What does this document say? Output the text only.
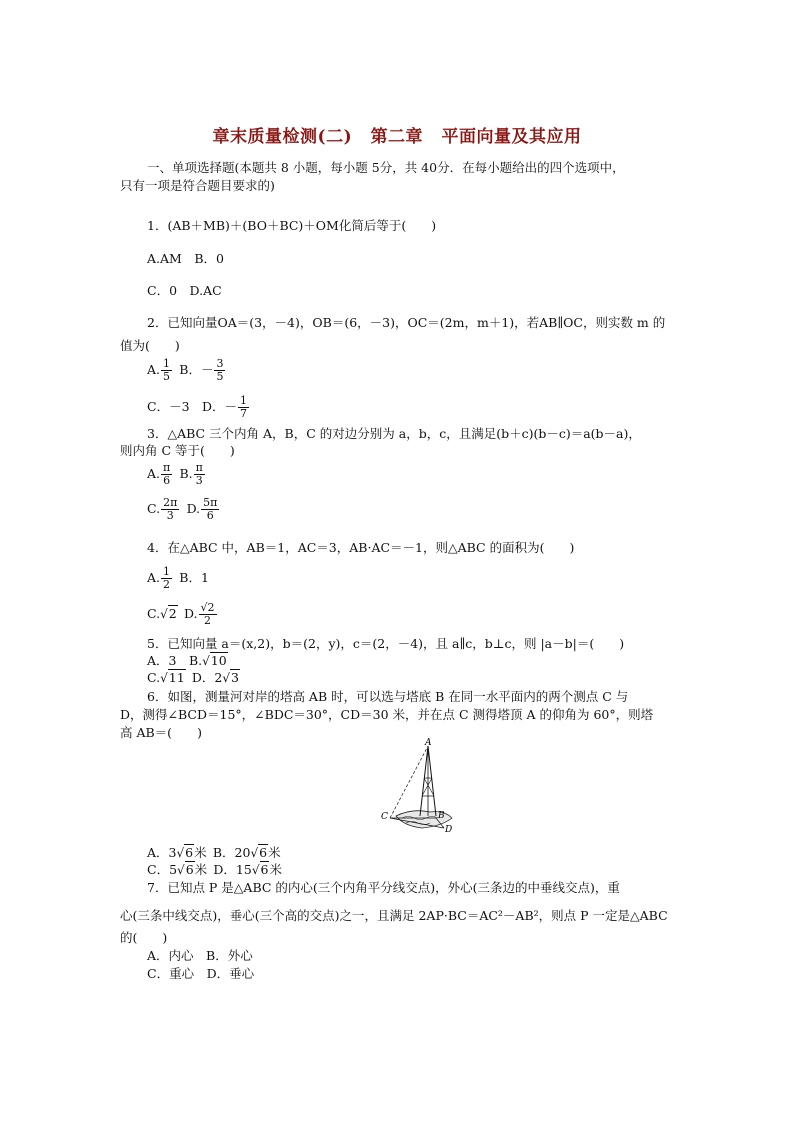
章末质量检测(二) 第二章 平面向量及其应用
一、单项选择题(本题共 8 小题，每小题 5分，共 40分．在每小题给出的四个选项中，
只有一项是符合题目要求的)
1．(AB＋MB)＋(BO＋BC)＋OM化简后等于(　　)
A.AM　B．0
C．0　D.AC
2．已知向量OA＝(3，－4)，OB＝(6，－3)，OC＝(2m，m＋1)，若AB∥OC，则实数 m 的
值为(　　)
A. $\frac{1}{5}$
  B．－ $\frac{3}{5}$
C．－3　D．－ $\frac{1}{7}$
3．△ABC 三个内角 A，B，C 的对边分别为 a，b，c，且满足(b＋c)(b－c)＝a(b－a)，
则内角 C 等于(　　)
A. $\frac{\pi}{6}$
  B. $\frac{\pi}{3}$
C. $\frac{2\pi}{3}$
  D. $\frac{5\pi}{6}$
4．在△ABC 中，AB＝1，AC＝3，AB·AC＝－1，则△ABC 的面积为(　　)
A. $\frac{1}{2}$
  B．1
C.√2  D. $\frac{√2}{2}$
5．已知向量 a＝(x,2)，b＝(2，y)，c＝(2，－4)，且 a∥c，b⊥c，则 |a－b|＝(　　)
A．3　B.√10
C.√11  D．2√3
6．如图，测量河对岸的塔高 AB 时，可以选与塔底 B 在同一水平面内的两个测点 C 与
D，测得∠BCD＝15°，∠BDC＝30°，CD＝30 米，并在点 C 测得塔顶 A 的仰角为 60°，则塔
高 AB＝(　　)
A
B
C
D
A．3√6米  B．20√6米
C．5√6米  D．15√6米
7．已知点 P 是△ABC 的内心(三个内角平分线交点)，外心(三条边的中垂线交点)，重
心(三条中线交点)，垂心(三个高的交点)之一，且满足 2AP·BC＝AC²－AB²，则点 P 一定是△ABC
的(　　)
A．内心　B．外心
C．重心　D．垂心
